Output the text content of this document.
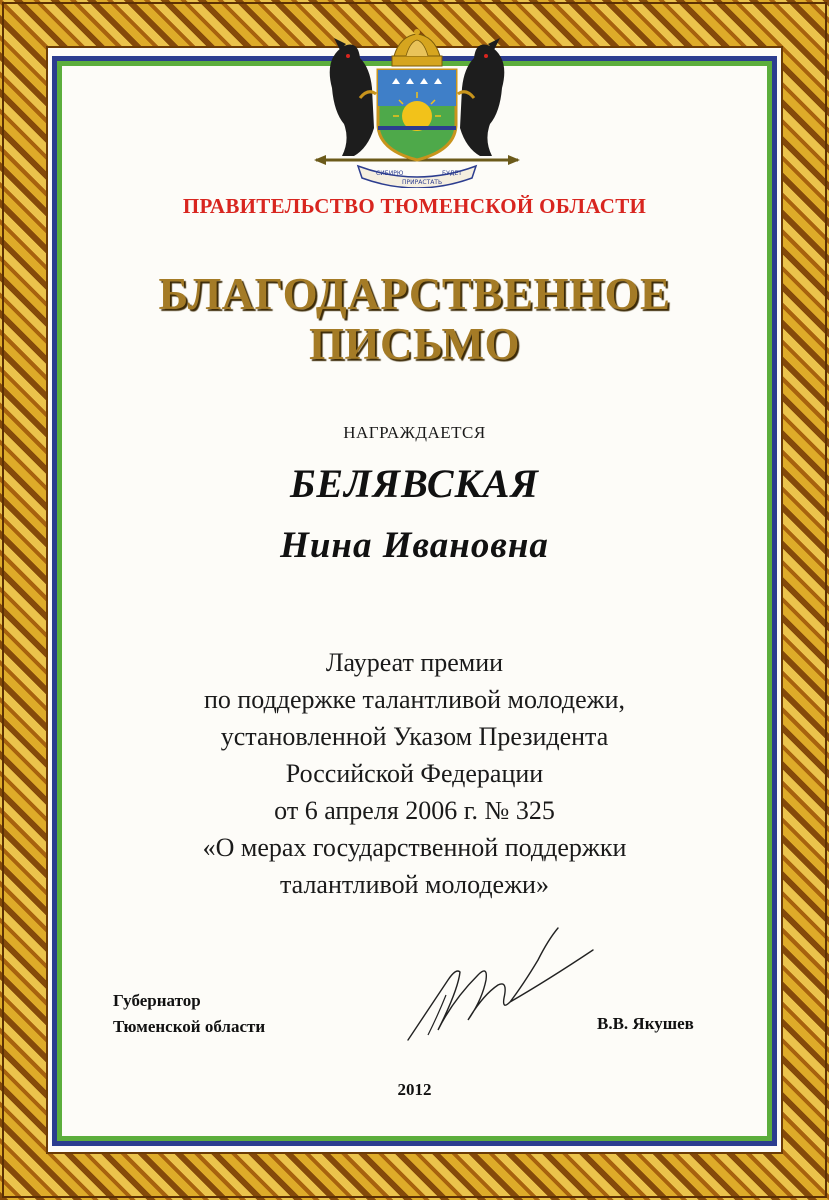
СИБИРЮ
ПРИРАСТАТЬ
БУДЕТ
ПРАВИТЕЛЬСТВО ТЮМЕНСКОЙ ОБЛАСТИ
БЛАГОДАРСТВЕННОЕ
ПИСЬМО
НАГРАЖДАЕТСЯ
БЕЛЯВСКАЯ
Нина Ивановна
Лауреат премии
по поддержке талантливой молодежи,
установленной Указом Президента
Российской Федерации
от 6 апреля 2006 г. № 325
«О мерах государственной поддержки
талантливой молодежи»
Губернатор
Тюменской области	В.В. Якушев
2012
